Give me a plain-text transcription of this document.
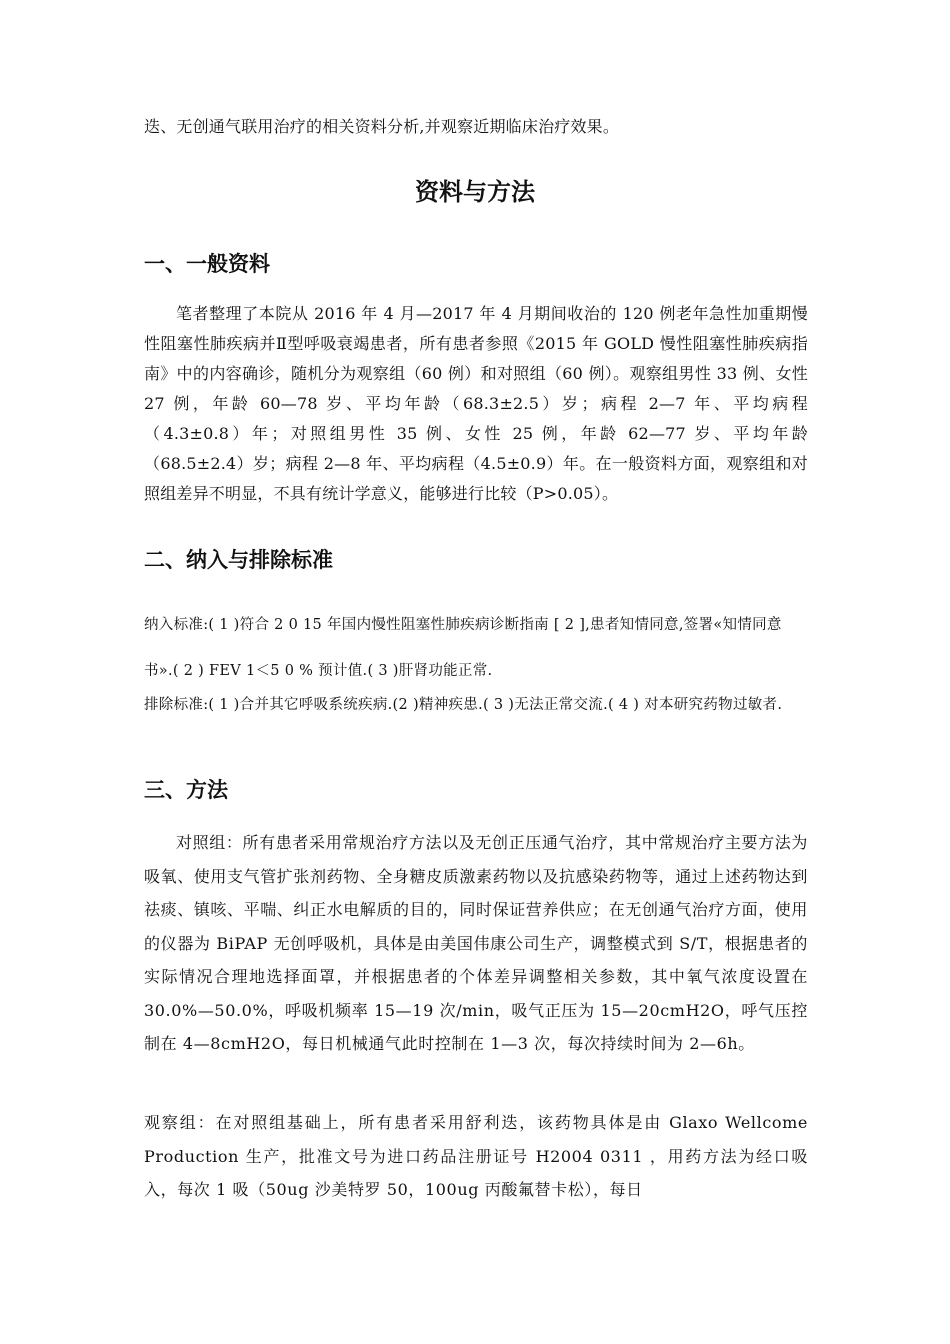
迭、无创通气联用治疗的相关资料分析,并观察近期临床治疗效果。
资料与方法
一、一般资料
笔者整理了本院从 2016 年 4 月—2017 年 4 月期间收治的 120 例老年急性加重期慢性阻塞性肺疾病并Ⅱ型呼吸衰竭患者，所有患者参照《2015 年 GOLD 慢性阻塞性肺疾病指南》中的内容确诊，随机分为观察组（60 例）和对照组（60 例）。观察组男性 33 例、女性 27 例，年龄 60—78 岁、平均年龄（68.3±2.5）岁；病程 2—7 年、平均病程（4.3±0.8）年；对照组男性 35 例、女性 25 例，年龄 62—77 岁、平均年龄（68.5±2.4）岁；病程 2—8 年、平均病程（4.5±0.9）年。在一般资料方面，观察组和对照组差异不明显，不具有统计学意义，能够进行比较（P>0.05）。
二、纳入与排除标准
纳入标准:( 1 )符合 2 0 15 年国内慢性阻塞性肺疾病诊断指南 [ 2 ],患者知情同意,签署«知情同意书».( 2 ) FEV 1＜5 0 % 预计值.( 3 )肝肾功能正常.
排除标准:( 1 )合并其它呼吸系统疾病.(2 )精神疾患.( 3 )无法正常交流.( 4 ) 对本研究药物过敏者.
三、方法
对照组：所有患者采用常规治疗方法以及无创正压通气治疗，其中常规治疗主要方法为吸氧、使用支气管扩张剂药物、全身糖皮质激素药物以及抗感染药物等，通过上述药物达到祛痰、镇咳、平喘、纠正水电解质的目的，同时保证营养供应；在无创通气治疗方面，使用的仪器为 BiPAP 无创呼吸机，具体是由美国伟康公司生产，调整模式到 S/T，根据患者的实际情况合理地选择面罩，并根据患者的个体差异调整相关参数，其中氧气浓度设置在 30.0%—50.0%，呼吸机频率 15—19 次/min，吸气正压为 15—20cmH2O，呼气压控制在 4—8cmH2O，每日机械通气此时控制在 1—3 次，每次持续时间为 2—6h。
观察组：在对照组基础上，所有患者采用舒利迭，该药物具体是由 Glaxo Wellcome Production 生产，批准文号为进口药品注册证号 H2004 0311 ，用药方法为经口吸入，每次 1 吸（50ug 沙美特罗 50，100ug 丙酸氟替卡松），每日
